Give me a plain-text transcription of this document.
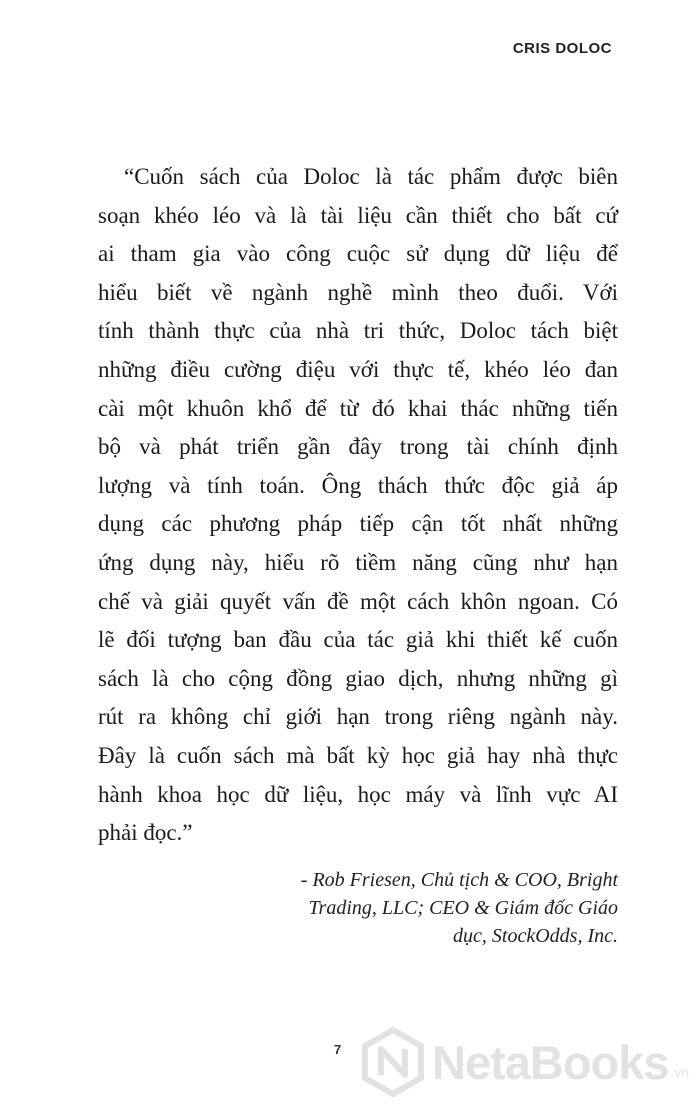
CRIS DOLOC

“Cuốn sách của Doloc là tác phẩm được biên
soạn khéo léo và là tài liệu cần thiết cho bất cứ
ai tham gia vào công cuộc sử dụng dữ liệu để
hiểu biết về ngành nghề mình theo đuổi. Với
tính thành thực của nhà tri thức, Doloc tách biệt
những điều cường điệu với thực tế, khéo léo đan
cài một khuôn khổ để từ đó khai thác những tiến
bộ và phát triển gần đây trong tài chính định
lượng và tính toán. Ông thách thức độc giả áp
dụng các phương pháp tiếp cận tốt nhất những
ứng dụng này, hiểu rõ tiềm năng cũng như hạn
chế và giải quyết vấn đề một cách khôn ngoan. Có
lẽ đối tượng ban đầu của tác giả khi thiết kế cuốn
sách là cho cộng đồng giao dịch, nhưng những gì
rút ra không chỉ giới hạn trong riêng ngành này.
Đây là cuốn sách mà bất kỳ học giả hay nhà thực
hành khoa học dữ liệu, học máy và lĩnh vực AI
phải đọc.”

- Rob Friesen, Chủ tịch & COO, Bright
Trading, LLC; CEO & Giám đốc Giáo
dục, StockOdds, Inc.
7 NetaBooks .vn
